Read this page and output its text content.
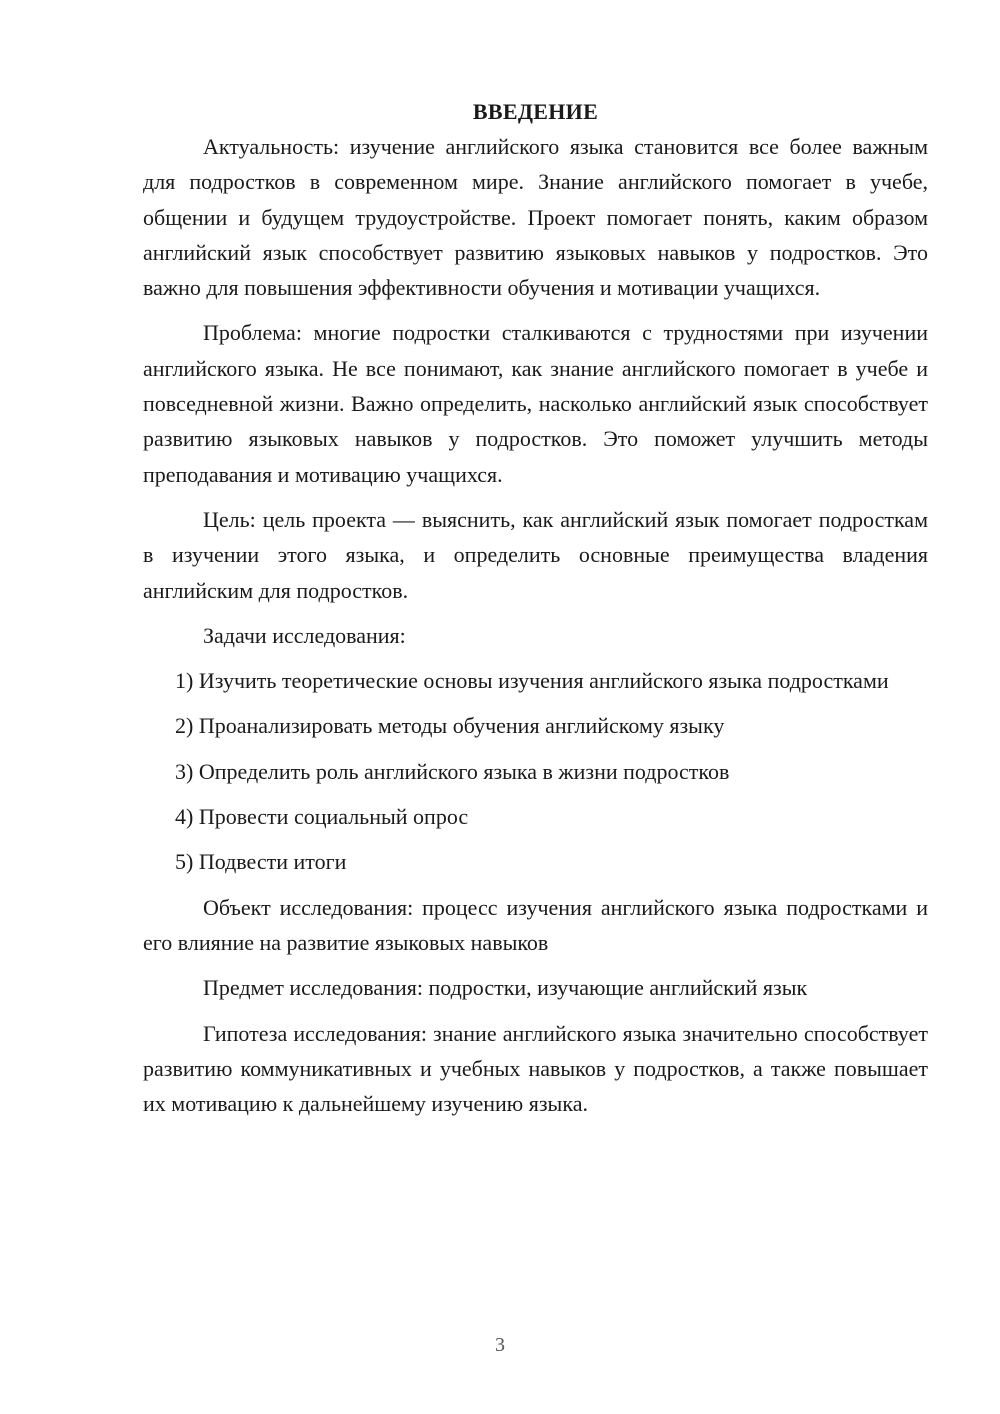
ВВЕДЕНИЕ

Актуальность: изучение английского языка становится все более важным для подростков в современном мире. Знание английского помогает в учебе, общении и будущем трудоустройстве. Проект помогает понять, каким образом английский язык способствует развитию языковых навыков у подростков. Это важно для повышения эффективности обучения и мотивации учащихся.

Проблема: многие подростки сталкиваются с трудностями при изучении английского языка. Не все понимают, как знание английского помогает в учебе и повседневной жизни. Важно определить, насколько английский язык способствует развитию языковых навыков у подростков. Это поможет улучшить методы преподавания и мотивацию учащихся.

Цель: цель проекта — выяснить, как английский язык помогает подросткам в изучении этого языка, и определить основные преимущества владения английским для подростков.

Задачи исследования:

1) Изучить теоретические основы изучения английского языка подростками

2) Проанализировать методы обучения английскому языку

3) Определить роль английского языка в жизни подростков

4) Провести социальный опрос

5) Подвести итоги

Объект исследования: процесс изучения английского языка подростками и его влияние на развитие языковых навыков

Предмет исследования: подростки, изучающие английский язык

Гипотеза исследования: знание английского языка значительно способствует развитию коммуникативных и учебных навыков у подростков, а также повышает их мотивацию к дальнейшему изучению языка.

3
